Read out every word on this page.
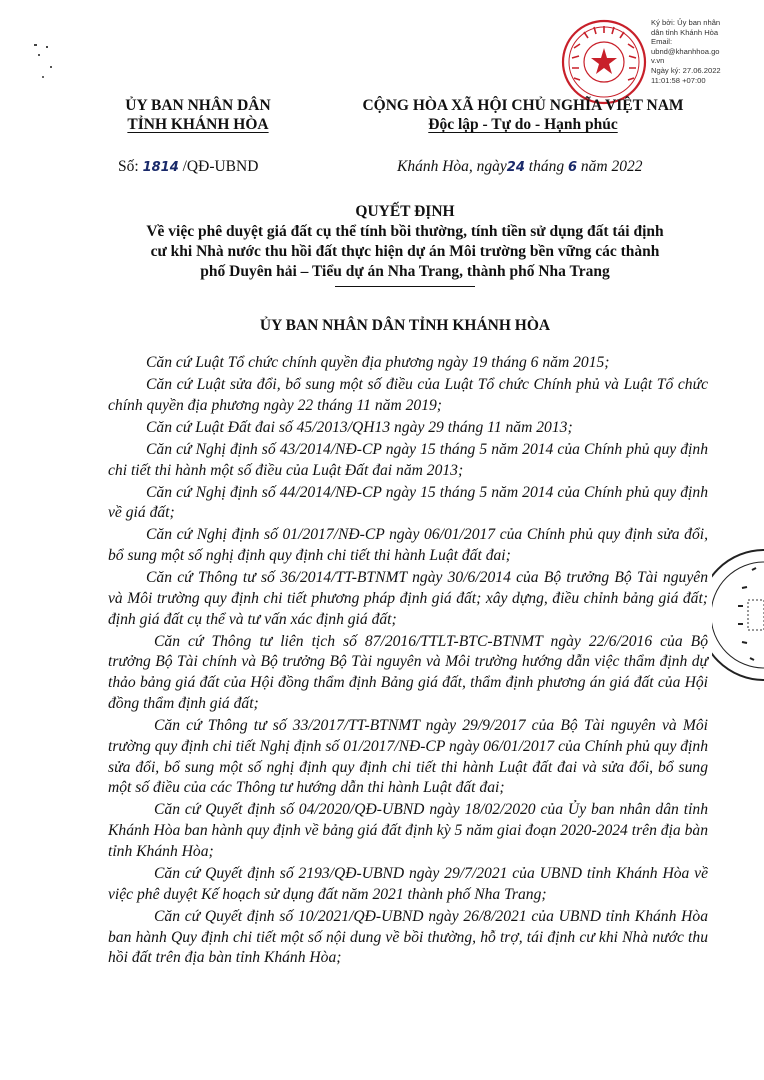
Ký bởi: Ủy ban nhân
dân tỉnh Khánh Hòa
Email:
ubnd@khanhhoa.go
v.vn
Ngày ký: 27.06.2022
11:01:58 +07:00
ỦY BAN NHÂN DÂN
TỈNH KHÁNH HÒA
CỘNG HÒA XÃ HỘI CHỦ NGHĨA VIỆT NAM
Độc lập - Tự do - Hạnh phúc
Số: 1814 /QĐ-UBND	Khánh Hòa, ngày24 tháng 6 năm 2022
QUYẾT ĐỊNH
Về việc phê duyệt giá đất cụ thể tính bồi thường, tính tiền sử dụng đất tái định
cư khi Nhà nước thu hồi đất thực hiện dự án Môi trường bền vững các thành
phố Duyên hải – Tiểu dự án Nha Trang, thành phố Nha Trang
ỦY BAN NHÂN DÂN TỈNH KHÁNH HÒA

Căn cứ Luật Tổ chức chính quyền địa phương ngày 19 tháng 6 năm 2015;

Căn cứ Luật sửa đổi, bổ sung một số điều của Luật Tổ chức Chính phủ và Luật Tổ chức chính quyền địa phương ngày 22 tháng 11 năm 2019;

Căn cứ Luật Đất đai số 45/2013/QH13 ngày 29 tháng 11 năm 2013;

Căn cứ Nghị định số 43/2014/NĐ-CP ngày 15 tháng 5 năm 2014 của Chính phủ quy định chi tiết thi hành một số điều của Luật Đất đai năm 2013;

Căn cứ Nghị định số 44/2014/NĐ-CP ngày 15 tháng 5 năm 2014 của Chính phủ quy định về giá đất;

Căn cứ Nghị định số 01/2017/NĐ-CP ngày 06/01/2017 của Chính phủ quy định sửa đổi, bổ sung một số nghị định quy định chi tiết thi hành Luật đất đai;

Căn cứ Thông tư số 36/2014/TT-BTNMT ngày 30/6/2014 của Bộ trưởng Bộ Tài nguyên và Môi trường quy định chi tiết phương pháp định giá đất; xây dựng, điều chỉnh bảng giá đất; định giá đất cụ thể và tư vấn xác định giá đất;

Căn cứ Thông tư liên tịch số 87/2016/TTLT-BTC-BTNMT ngày 22/6/2016 của Bộ trưởng Bộ Tài chính và Bộ trưởng Bộ Tài nguyên và Môi trường hướng dẫn việc thẩm định dự thảo bảng giá đất của Hội đồng thẩm định Bảng giá đất, thẩm định phương án giá đất của Hội đồng thẩm định giá đất;

Căn cứ Thông tư số 33/2017/TT-BTNMT ngày 29/9/2017 của Bộ Tài nguyên và Môi trường quy định chi tiết Nghị định số 01/2017/NĐ-CP ngày 06/01/2017 của Chính phủ quy định sửa đổi, bổ sung một số nghị định quy định chi tiết thi hành Luật đất đai và sửa đổi, bổ sung một số điều của các Thông tư hướng dẫn thi hành Luật đất đai;

Căn cứ Quyết định số 04/2020/QĐ-UBND ngày 18/02/2020 của Ủy ban nhân dân tỉnh Khánh Hòa ban hành quy định về bảng giá đất định kỳ 5 năm giai đoạn 2020-2024 trên địa bàn tỉnh Khánh Hòa;

Căn cứ Quyết định số 2193/QĐ-UBND ngày 29/7/2021 của UBND tỉnh Khánh Hòa về việc phê duyệt Kế hoạch sử dụng đất năm 2021 thành phố Nha Trang;

Căn cứ Quyết định số 10/2021/QĐ-UBND ngày 26/8/2021 của UBND tỉnh Khánh Hòa ban hành Quy định chi tiết một số nội dung về bồi thường, hỗ trợ, tái định cư khi Nhà nước thu hồi đất trên địa bàn tỉnh Khánh Hòa;
